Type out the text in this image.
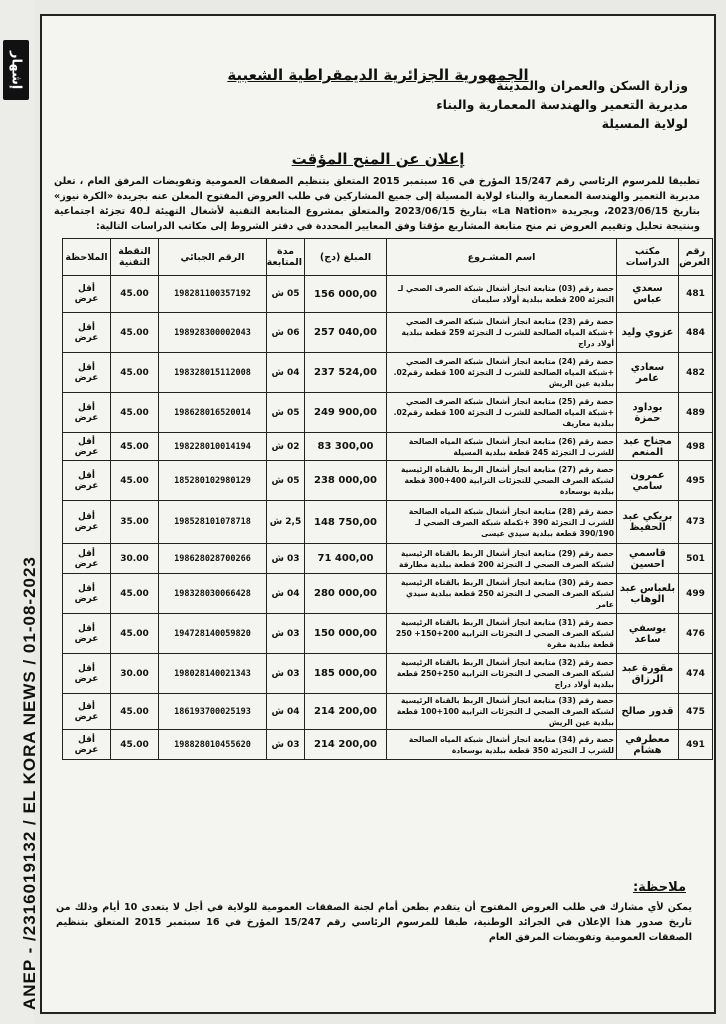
إشهار
ANEP - /2316019132 / EL KORA NEWS / 01-08-2023
الجمهورية الجزائرية الديمقراطية الشعبية
وزارة السكن والعمران والمدينة
مديرية التعمير والهندسة المعمارية والبناء
لولاية المسيلة
إعلان عن المنح المؤقت
تطبيقا للمرسوم الرئاسي رقم 15/247 المؤرخ في 16 سبتمبر 2015 المتعلق بتنظيم الصفقات العمومية وتفويضات المرفق العام ، تعلن مديرية التعمير والهندسة المعمارية والبناء لولاية المسيلة إلى جميع المشاركين في طلب العروض المفتوح المعلن عنه بجريدة «الكرة نيوز» بتاريخ 2023/06/15، وبجريدة «La Nation» بتاريخ 2023/06/15 والمتعلق بمشروع المتابعة التقنية لأشغال التهيئة لـ40 تجزئة اجتماعية وبنتيجة تحليل وتقييم العروض تم منح متابعة المشاريع مؤقتا وفق المعايير المحددة في دفتر الشروط إلى مكاتب الدراسات التالية:
رقم العرض	مكتب الدراسات	اسم المشـروع	المبلغ (دج)	مدة المتابعة	الرقم الجبائي	النقطة التقنية	الملاحظة
481	سعدي عباس	حصة رقم (03) متابعة انجاز أشغال شبكة الصرف الصحي لـ التجزئة 200 قطعة ببلدية أولاد سليمان	156 000,00	05 ش	198281100357192	45.00	أقل عرض
484	عزوي وليد	حصة رقم (23) متابعة انجاز أشغال شبكة الصرف الصحي +شبكة المياه الصالحة للشرب لـ التجزئة 259 قطعة ببلدية أولاد دراج	257 040,00	06 ش	198928300002043	45.00	أقل عرض
482	سعادي عامر	حصة رقم (24) متابعة انجاز أشغال شبكة الصرف الصحي +شبكة المياه الصالحة للشرب لـ التجزئة 100 قطعة رقم02. ببلدية عين الريش	237 524,00	04 ش	198328015112008	45.00	أقل عرض
489	بوداود حمزة	حصة رقم (25) متابعة انجاز أشغال شبكة الصرف الصحي +شبكة المياه الصالحة للشرب لـ التجزئة 100 قطعة رقم02. ببلدية معاريف	249 900,00	05 ش	198628016520014	45.00	أقل عرض
498	مجناح عبد المنعم	حصة رقم (26) متابعة انجاز أشغال شبكة المياه الصالحة للشرب لـ التجزئة 245 قطعة ببلدية المسيلة	83 300,00	02 ش	198228010014194	45.00	أقل عرض
495	عمرون سامي	حصة رقم (27) متابعة انجاز أشغال الربط بالقناة الرئيسية لشبكة الصرف الصحي للتجزئات الترابية 400+300 قطعة ببلدية بوسعادة	238 000,00	05 ش	185280102980129	45.00	أقل عرض
473	بريكي عبد الحفيظ	حصة رقم (28) متابعة انجاز أشغال شبكة المياه الصالحة للشرب لـ التجزئة 390 +تكملة شبكة الصرف الصحي لـ 390/190 قطعة ببلدية سيدي عيسى	148 750,00	2,5 ش	198528101078718	35.00	أقل عرض
501	قاسمي احسين	حصة رقم (29) متابعة انجاز أشغال الربط بالقناة الرئيسية لشبكة الصرف الصحي لـ التجزئة 200 قطعة ببلدية مطارفة	71 400,00	03 ش	198628028700266	30.00	أقل عرض
499	بلعباس عبد الوهاب	حصة رقم (30) متابعة انجاز أشغال الربط بالقناة الرئيسية لشبكة الصرف الصحي لـ التجزئة 250 قطعة ببلدية سيدي عامر	280 000,00	04 ش	198328030066428	45.00	أقل عرض
476	يوسفي ساعد	حصة رقم (31) متابعة انجاز أشغال الربط بالقناة الرئيسية لشبكة الصرف الصحي لـ التجزئات الترابية 200+150+ 250 قطعة ببلدية مقرة	150 000,00	03 ش	194728140059820	45.00	أقل عرض
474	مقورة عبد الرزاق	حصة رقم (32) متابعة انجاز أشغال الربط بالقناة الرئيسية لشبكة الصرف الصحي لـ التجزئات الترابية 250+250 قطعة ببلدية أولاد دراج	185 000,00	03 ش	198028140021343	30.00	أقل عرض
475	قدور صالح	حصة رقم (33) متابعة انجاز أشغال الربط بالقناة الرئيسية لشبكة الصرف الصحي لـ التجزئات الترابية 100+100 قطعة ببلدية عين الريش	214 200,00	04 ش	186193700025193	45.00	أقل عرض
491	معطرفي هشام	حصة رقم (34) متابعة انجاز أشغال شبكة المياه الصالحة للشرب لـ التجزئة 350 قطعة ببلدية بوسعادة	214 200,00	03 ش	198828010455620	45.00	أقل عرض
ملاحظة:
يمكن لأي مشارك في طلب العروض المفتوح أن يتقدم بطعن أمام لجنة الصفقات العمومية للولاية في أجل لا يتعدى 10 أيام وذلك من تاريخ صدور هذا الإعلان في الجرائد الوطنية، طبقا للمرسوم الرئاسي رقم 15/247 المؤرخ في 16 سبتمبر 2015 المتعلق بتنظيم الصفقات العمومية وتفويضات المرفق العام
